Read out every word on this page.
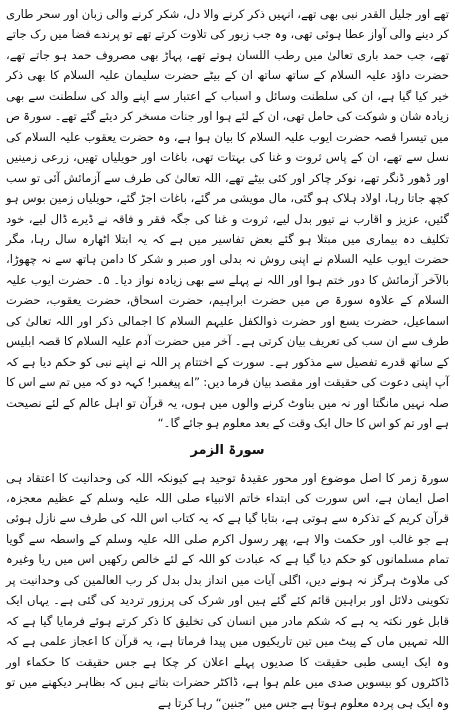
تھے اور جلیل القدر نبی بھی تھے، انہیں ذکر کرنے والا دل، شکر کرنے والی زبان اور سحر طاری کر دینے والی آواز عطا ہوئی تھی، وہ جب زبور کی تلاوت کرتے تھے تو پرندے فضا میں رک جاتے تھے، جب حمد باری تعالیٰ میں رطب اللسان ہوتے تھے، پہاڑ بھی مصروف حمد ہو جاتے تھے، حضرت داؤد علیہ السلام کے ساتھ ساتھ ان کے بیٹے حضرت سلیمان علیہ السلام کا بھی ذکر خیر کیا گیا ہے، ان کی سلطنت وسائل و اسباب کے اعتبار سے اپنے والد کی سلطنت سے بھی زیادہ شان و شوکت کی حامل تھی، ان کے لئے ہوا اور جنات مسخر کر دیئے گئے تھے۔ سورۃ ص میں تیسرا قصہ حضرت ایوب علیہ السلام کا بیان ہوا ہے، وہ حضرت یعقوب علیہ السلام کی نسل سے تھے، ان کے پاس ثروت و غنا کی بہتات تھی، باغات اور حویلیاں تھیں، زرعی زمینیں اور ڈھور ڈنگر تھے، نوکر چاکر اور کئی بیٹے تھے، اللہ تعالیٰ کی طرف سے آزمائش آئی تو سب کچھ جاتا رہا، اولاد ہلاک ہو گئی، مال مویشی مر گئے، باغات اجڑ گئے، حویلیاں زمین بوس ہو گئیں، عزیز و اقارب نے تیور بدل لیے، ثروت و غنا کی جگہ فقر و فاقہ نے ڈیرے ڈال لیے، خود تکلیف دہ بیماری میں مبتلا ہو گئے بعض تفاسیر میں ہے کہ یہ ابتلا اٹھارہ سال رہا، مگر حضرت ایوب علیہ السلام نے اپنی روش نہ بدلی اور صبر و شکر کا دامن ہاتھ سے نہ چھوڑا، بالآخر آزمائش کا دور ختم ہوا اور اللہ نے پہلے سے بھی زیادہ نواز دیا۔ ۵۔ حضرت ایوب علیہ السلام کے علاوہ سورۃ ص میں حضرت ابراہیم، حضرت اسحاق، حضرت یعقوب، حضرت اسماعیل، حضرت یسع اور حضرت ذوالکفل علیہم السلام کا اجمالی ذکر اور اللہ تعالیٰ کی طرف سے ان سب کی تعریف بیان کرتی ہے۔ آخر میں حضرت آدم علیہ السلام کا قصہ ابلیس کے ساتھ قدرے تفصیل سے مذکور ہے۔ سورت کے اختتام پر اللہ نے اپنے نبی کو حکم دیا ہے کہ آپ اپنی دعوت کی حقیقت اور مقصد بیان فرما دیں: ”اے پیغمبر! کہہ دو کہ میں تم سے اس کا صلہ نہیں مانگتا اور نہ میں بناوٹ کرنے والوں میں ہوں، یہ قرآن تو اہل عالم کے لئے نصیحت ہے اور تم کو اس کا حال ایک وقت کے بعد معلوم ہو جائے گا۔“

سورۃ الزمر

سورۃ زمر کا اصل موضوع اور محور عقیدۂ توحید ہے کیونکہ اللہ کی وحدانیت کا اعتقاد ہی اصل ایمان ہے، اس سورت کی ابتداء خاتم الانبیاء صلی اللہ علیہ وسلم کے عظیم معجزہ، قرآن کریم کے تذکرہ سے ہوتی ہے، بتایا گیا ہے کہ یہ کتاب اس اللہ کی طرف سے نازل ہوئی ہے جو غالب اور حکمت والا ہے، پھر رسول اکرم صلی اللہ علیہ وسلم کے واسطہ سے گویا تمام مسلمانوں کو حکم دیا گیا ہے کہ عبادت کو اللہ کے لئے خالص رکھیں اس میں ریا وغیرہ کی ملاوٹ ہرگز نہ ہونے دیں، اگلی آیات میں انداز بدل بدل کر رب العالمین کی وحدانیت پر تکوینی دلائل اور براہین قائم کئے گئے ہیں اور شرک کی پرزور تردید کی گئی ہے۔ یہاں ایک قابل غور نکتہ یہ ہے کہ شکم مادر میں انسان کی تخلیق کا ذکر کرتے ہوئے فرمایا گیا ہے کہ اللہ تمہیں ماں کے پیٹ میں تین تاریکیوں میں پیدا فرماتا ہے، یہ قرآن کا اعجاز علمی ہے کہ وہ ایک ایسی طبی حقیقت کا صدیوں پہلے اعلان کر چکا ہے جس حقیقت کا حکماء اور ڈاکٹروں کو بیسویں صدی میں علم ہوا ہے، ڈاکٹر حضرات بتاتے ہیں کہ بظاہر دیکھنے میں تو وہ ایک ہی پردہ معلوم ہوتا ہے جس میں ”جنین“ رہا کرتا ہے
